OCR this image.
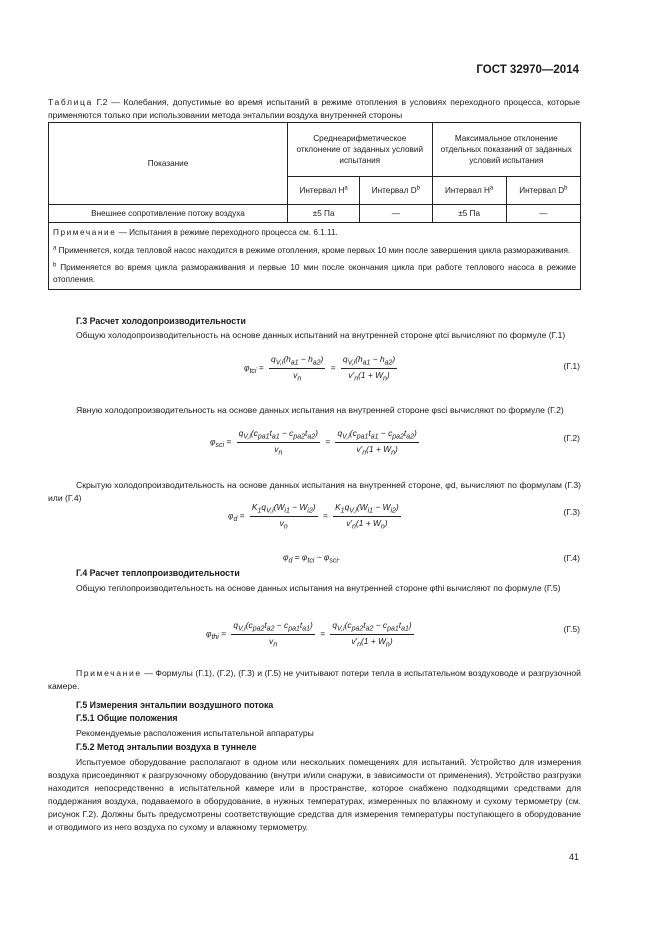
ГОСТ 32970—2014
Таблица Г.2 — Колебания, допустимые во время испытаний в режиме отопления в условиях переходного процесса, которые применяются только при использовании метода энтальпии воздуха внутренней стороны
Показание	Среднеарифметическое отклонение от заданных условий испытания		Максимальное отклонение отдельных показаний от заданных условий испытания	
	Интервал $H^a$	Интервал $D^b$	Интервал $H^a$	Интервал $D^b$
Внешнее сопротивление потоку воздуха	±5 Па	—	±5 Па	—

Примечание — Испытания в режиме переходного процесса см. 6.1.11.

$^a$ Применяется, когда тепловой насос находится в режиме отопления, кроме первых 10 мин после завершения цикла размораживания.

$^b$ Применяется во время цикла размораживания и первые 10 мин после окончания цикла при работе теплового насоса в режиме отопления.				

Г.3 Расчет холодопроизводительности
Общую холодопроизводительность на основе данных испытаний на внутренней стороне φtci вычисляют по формуле (Г.1)
$\varphi_{tci} = \frac{q_{V,i}(h_{a1} - h_{a2})}{v_n} = \frac{q_{V,i}(h_{a1} - h_{a2})}{v'_n(1 + W_n)}$	(Г.1)
Явную холодопроизводительность на основе данных испытания на внутренней стороне φsci вычисляют по формуле (Г.2)
$\varphi_{sci} = \frac{q_{V,i}(c_{pa1}t_{a1} - c_{pa2}t_{a2})}{v_n} = \frac{q_{V,i}(c_{pa1}t_{a1} - c_{pa2}t_{a2})}{v'_n(1 + W_n)}$	(Г.2)
Скрытую холодопроизводительность на основе данных испытания на внутренней стороне, φd, вычисляют по формулам (Г.3) или (Г.4)
$\varphi_d = \frac{K_1q_{V,i}(W_{i1} - W_{i2})}{v_n} = \frac{K_1q_{V,i}(W_{i1} - W_{i2})}{v'_n(1 + W_n)}$	(Г.3)
$\varphi_d = \varphi_{tci} - \varphi_{sci}$.	(Г.4)
Г.4 Расчет теплопроизводительности
Общую теплопроизводительность на основе данных испытания на внутренней стороне φthi вычисляют по формуле (Г.5)
$\varphi_{thi} = \frac{q_{V,i}(c_{pa2}t_{a2} - c_{pa1}t_{a1})}{v_n} = \frac{q_{V,i}(c_{pa2}t_{a2} - c_{pa1}t_{a1})}{v'_n(1 + W_n)}$	(Г.5)
Примечание — Формулы (Г.1), (Г.2), (Г.3) и (Г.5) не учитывают потери тепла в испытательном воздуховоде и разгрузочной камере.
Г.5 Измерения энтальпии воздушного потока
Г.5.1 Общие положения
Рекомендуемые расположения испытательной аппаратуры
Г.5.2 Метод энтальпии воздуха в туннеле
Испытуемое оборудование располагают в одном или нескольких помещениях для испытаний. Устройство для измерения воздуха присоединяют к разгрузочному оборудованию (внутри и/или снаружи, в зависимости от применения). Устройство разгрузки находится непосредственно в испытательной камере или в пространстве, которое снабжено подходящими средствами для поддержания воздуха, подаваемого в оборудование, в нужных температурах, измеренных по влажному и сухому термометру (см. рисунок Г.2). Должны быть предусмотрены соответствующие средства для измерения температуры поступающего в оборудование и отводимого из него воздуха по сухому и влажному термометру.
41
